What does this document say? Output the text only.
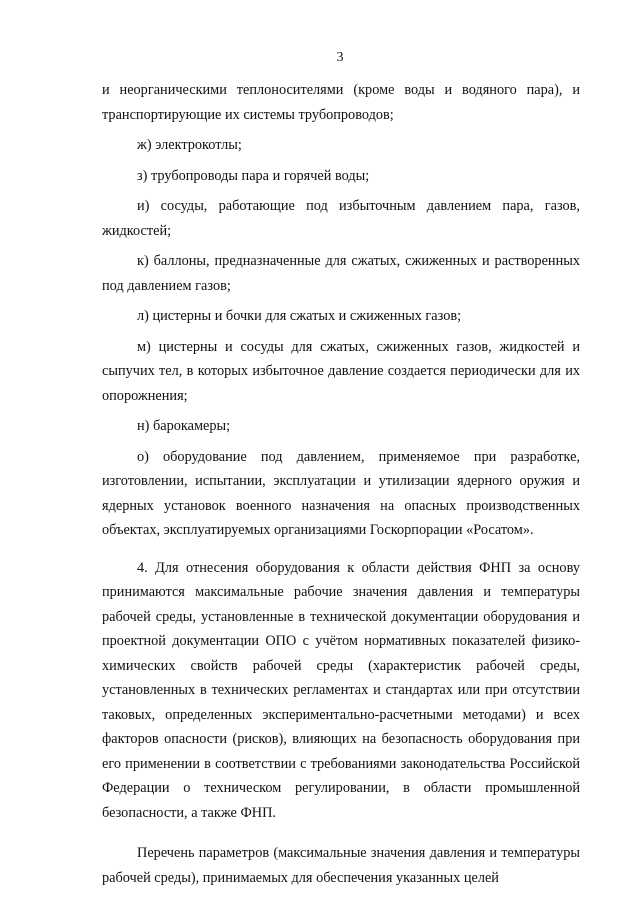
3

и неорганическими теплоносителями (кроме воды и водяного пара), и транспортирующие их системы трубопроводов;

ж) электрокотлы;

з) трубопроводы пара и горячей воды;

и) сосуды, работающие под избыточным давлением пара, газов, жидкостей;

к) баллоны, предназначенные для сжатых, сжиженных и растворенных под давлением газов;

л) цистерны и бочки для сжатых и сжиженных газов;

м) цистерны и сосуды для сжатых, сжиженных газов, жидкостей и сыпучих тел, в которых избыточное давление создается периодически для их опорожнения;

н) барокамеры;

о) оборудование под давлением, применяемое при разработке, изготовлении, испытании, эксплуатации и утилизации ядерного оружия и ядерных установок военного назначения на опасных производственных объектах, эксплуатируемых организациями Госкорпорации «Росатом».

4. Для отнесения оборудования к области действия ФНП за основу принимаются максимальные рабочие значения давления и температуры рабочей среды, установленные в технической документации оборудования и проектной документации ОПО с учётом нормативных показателей физико-химических свойств рабочей среды (характеристик рабочей среды, установленных в технических регламентах и стандартах или при отсутствии таковых, определенных экспериментально-расчетными методами) и всех факторов опасности (рисков), влияющих на безопасность оборудования при его применении в соответствии с требованиями законодательства Российской Федерации о техническом регулировании, в области промышленной безопасности, а также ФНП.

Перечень параметров (максимальные значения давления и температуры рабочей среды), принимаемых для обеспечения указанных целей
